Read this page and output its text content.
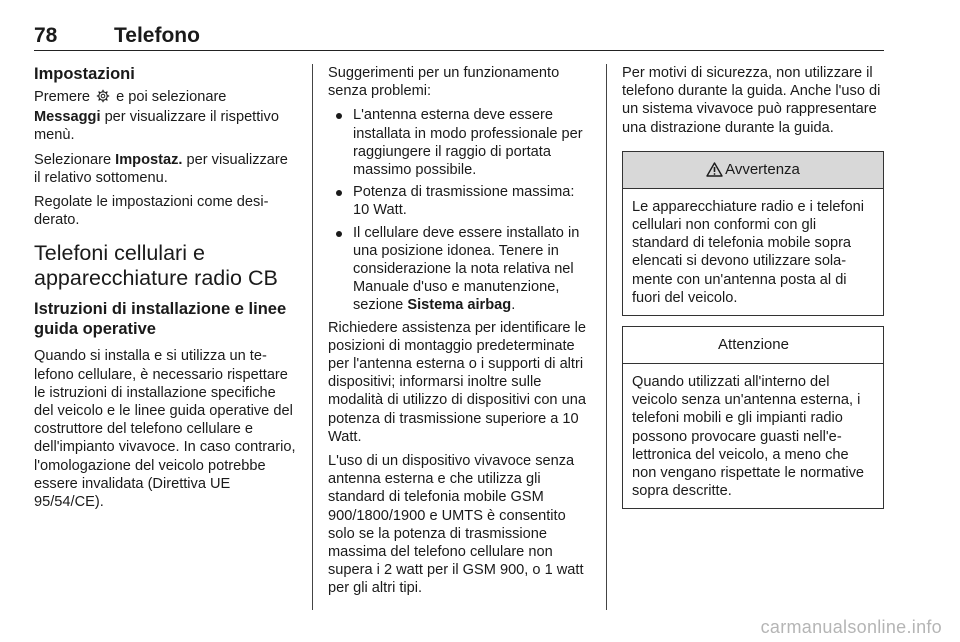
78	Telefono
Impostazioni

Premere  e poi selezionare Messaggi per visualizzare il rispettivo menù.

Selezionare Impostaz. per visualizzare il relativo sottomenu.

Regolate le impostazioni come desiderato.

Telefoni cellulari e apparecchiature radio CB
Istruzioni di installazione e linee guida operative

Quando si installa e si utilizza un telefono cellulare, è necessario rispettare le istruzioni di installazione specifiche del veicolo e le linee guida operative del costruttore del telefono cellulare e dell'impianto vivavoce. In caso contrario, l'omologazione del veicolo potrebbe essere invalidata (Direttiva UE 95/54/CE).

Suggerimenti per un funzionamento senza problemi:

L'antenna esterna deve essere installata in modo professionale per raggiungere il raggio di portata massimo possibile.
Potenza di trasmissione massima: 10 Watt.
Il cellulare deve essere installato in una posizione idonea. Tenere in considerazione la nota relativa nel Manuale d'uso e manutenzione, sezione Sistema airbag.

Richiedere assistenza per identificare le posizioni di montaggio predeterminate per l'antenna esterna o i supporti di altri dispositivi; informarsi inoltre sulle modalità di utilizzo di dispositivi con una potenza di trasmissione superiore a 10 Watt.

L'uso di un dispositivo vivavoce senza antenna esterna e che utilizza gli standard di telefonia mobile GSM 900/1800/1900 e UMTS è consentito solo se la potenza di trasmissione massima del telefono cellulare non supera i 2 watt per il GSM 900, o 1 watt per gli altri tipi.

Per motivi di sicurezza, non utilizzare il telefono durante la guida. Anche l'uso di un sistema vivavoce può rappresentare una distrazione durante la guida.

Avvertenza
Le apparecchiature radio e i telefoni cellulari non conformi con gli standard di telefonia mobile sopra elencati si devono utilizzare solamente con un'antenna posta al di fuori del veicolo.
Attenzione
Quando utilizzati all'interno del veicolo senza un'antenna esterna, i telefoni mobili e gli impianti radio possono provocare guasti nell'elettronica del veicolo, a meno che non vengano rispettate le normative sopra descritte.
carmanualsonline.info
